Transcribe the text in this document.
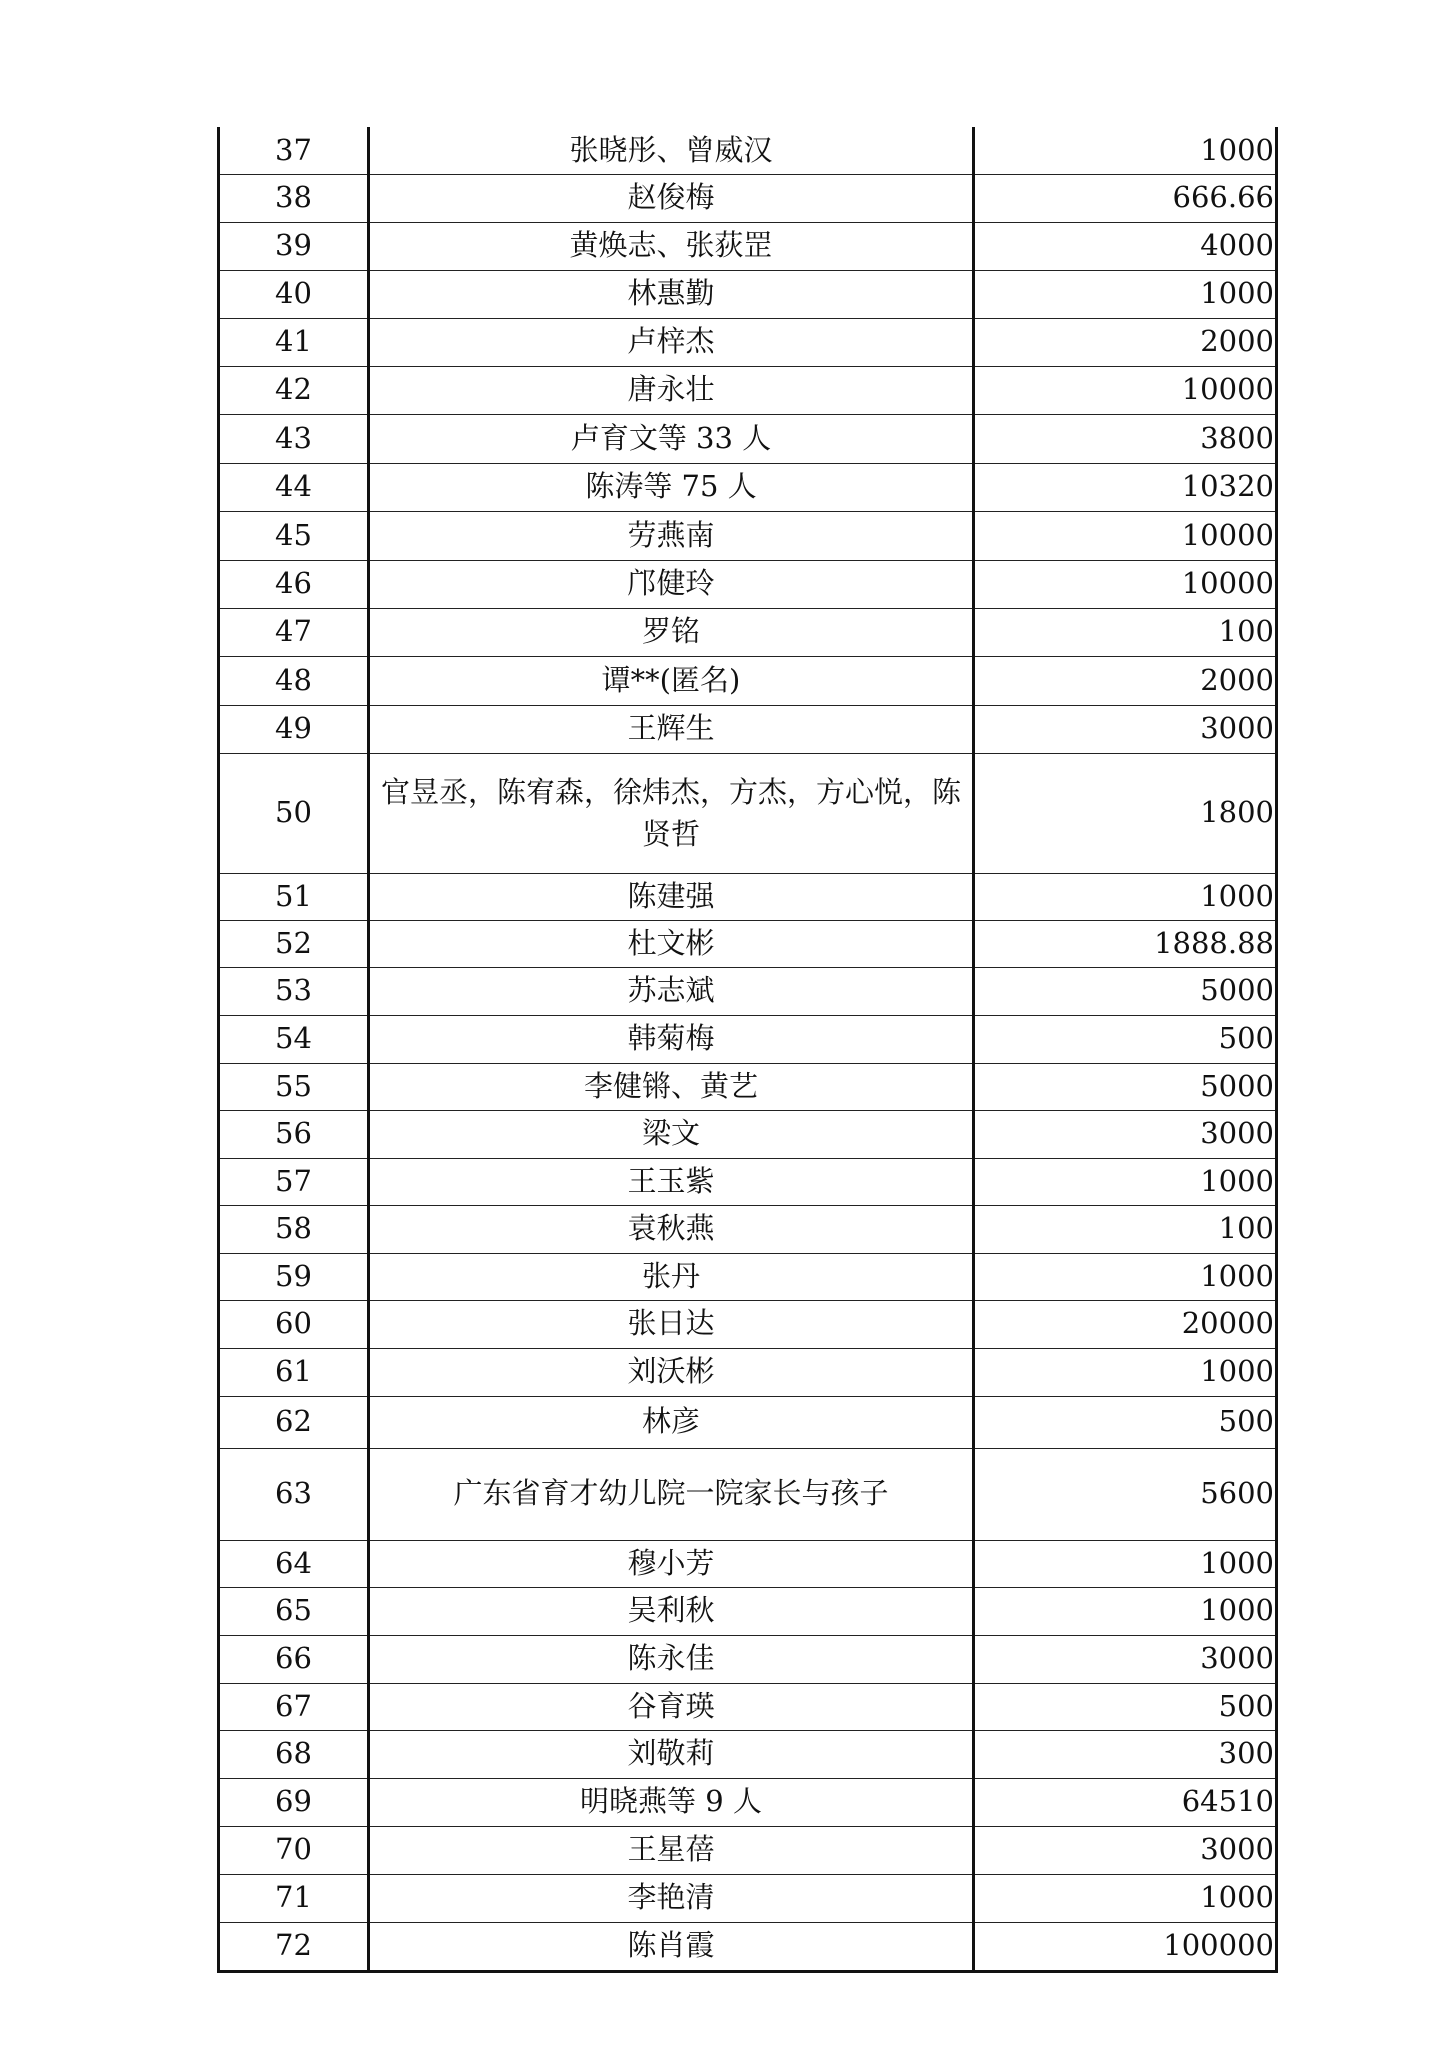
37	张晓彤、曾威汉	1000
38	赵俊梅	666.66
39	黄焕志、张荻罡	4000
40	林惠勤	1000
41	卢梓杰	2000
42	唐永壮	10000
43	卢育文等 33 人	3800
44	陈涛等 75 人	10320
45	劳燕南	10000
46	邝健玲	10000
47	罗铭	100
48	谭**(匿名)	2000
49	王辉生	3000
50	官昱丞，陈宥森，徐炜杰，方杰，方心悦，陈贤哲	1800
51	陈建强	1000
52	杜文彬	1888.88
53	苏志斌	5000
54	韩菊梅	500
55	李健锵、黄艺	5000
56	梁文	3000
57	王玉紫	1000
58	袁秋燕	100
59	张丹	1000
60	张日达	20000
61	刘沃彬	1000
62	林彦	500
63	广东省育才幼儿院一院家长与孩子	5600
64	穆小芳	1000
65	吴利秋	1000
66	陈永佳	3000
67	谷育瑛	500
68	刘敬莉	300
69	明晓燕等 9 人	64510
70	王星蓓	3000
71	李艳清	1000
72	陈肖霞	100000
